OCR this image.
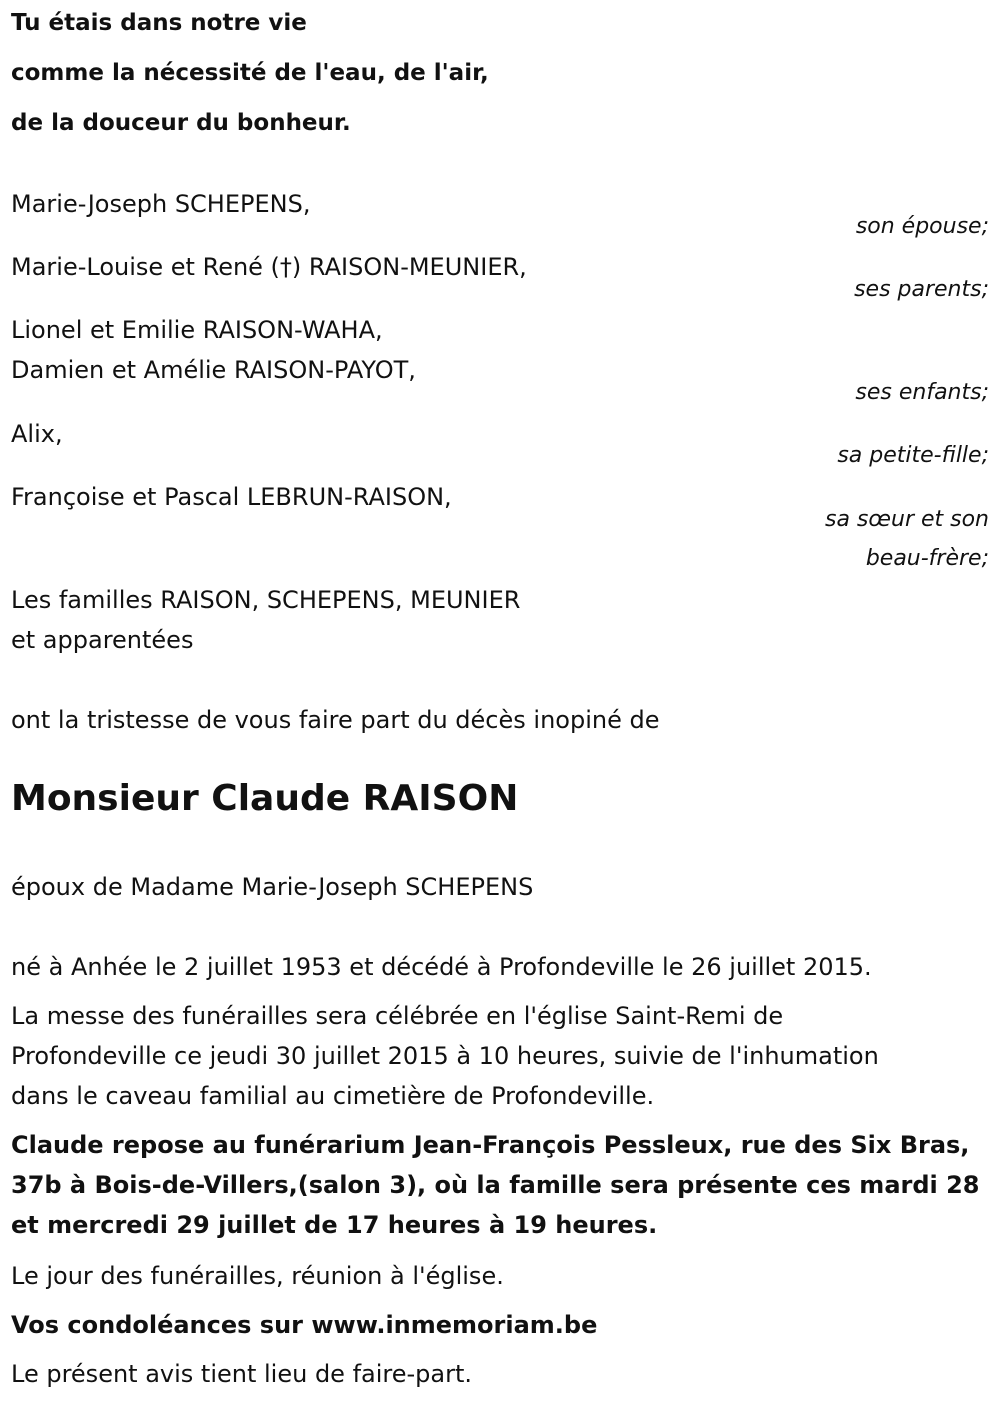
Tu étais dans notre vie
comme la nécessité de l'eau, de l'air,
de la douceur du bonheur.
Marie-Joseph SCHEPENS,
son épouse;
Marie-Louise et René (†) RAISON-MEUNIER,
ses parents;
Lionel et Emilie RAISON-WAHA,
Damien et Amélie RAISON-PAYOT,
ses enfants;
Alix,
sa petite-fille;
Françoise et Pascal LEBRUN-RAISON,
sa sœur et son
beau-frère;
Les familles RAISON, SCHEPENS, MEUNIER
et apparentées
ont la tristesse de vous faire part du décès inopiné de
Monsieur Claude RAISON
époux de Madame Marie-Joseph SCHEPENS
né à Anhée le 2 juillet 1953 et décédé à Profondeville le 26 juillet 2015.
La messe des funérailles sera célébrée en l'église Saint-Remi de
Profondeville ce jeudi 30 juillet 2015 à 10 heures, suivie de l'inhumation
dans le caveau familial au cimetière de Profondeville.
Claude repose au funérarium Jean-François Pessleux, rue des Six Bras,
37b à Bois-de-Villers,(salon 3), où la famille sera présente ces mardi 28
et mercredi 29 juillet de 17 heures à 19 heures.
Le jour des funérailles, réunion à l'église.
Vos condoléances sur www.inmemoriam.be
Le présent avis tient lieu de faire-part.
